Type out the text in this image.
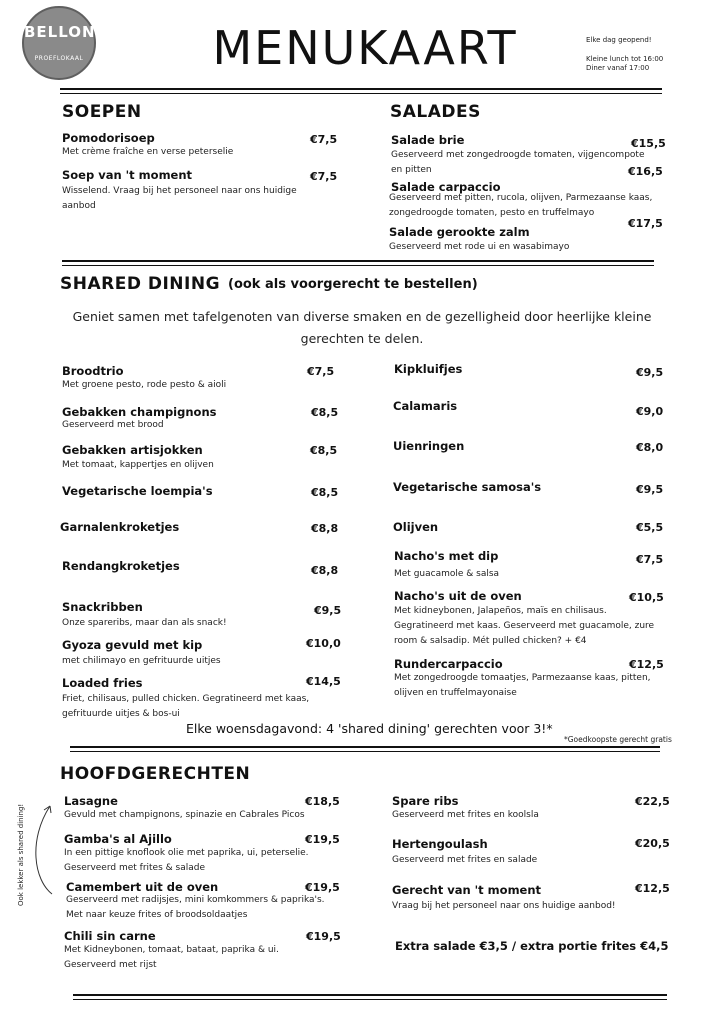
BELLONS
PROEFLOKAAL	MENUKAART	Elke dag geopend!
Kleine lunch tot 16:00
Diner vanaf 17:00
SOEPEN
Pomodorisoep	€7,5
Met crème fraîche en verse peterselie
Soep van 't moment	€7,5
Wisselend. Vraag bij het personeel naar ons huidige aanbod
SALADES
Salade brie	€15,5
Geserveerd met zongedroogde tomaten, vijgencompote en pitten
Salade carpaccio
€16,5
Geserveerd met pitten, rucola, olijven, Parmezaanse kaas, zongedroogde tomaten, pesto en truffelmayo
Salade gerookte zalm
€17,5
Geserveerd met rode ui en wasabimayo
SHARED DINING (ook als voorgerecht te bestellen)
Geniet samen met tafelgenoten van diverse smaken en de gezelligheid door heerlijke kleine gerechten te delen.
Broodtrio	€7,5
Met groene pesto, rode pesto & aioli
Gebakken champignons	€8,5
Geserveerd met brood
Gebakken artisjokken	€8,5
Met tomaat, kappertjes en olijven
Vegetarische loempia's	€8,5
Garnalenkroketjes	€8,8
Rendangkroketjes	€8,8
Snackribben	€9,5
Onze spareribs, maar dan als snack!
Gyoza gevuld met kip	€10,0
met chilimayo en gefrituurde uitjes
Loaded fries	€14,5
Friet, chilisaus, pulled chicken. Gegratineerd met kaas, gefrituurde uitjes & bos-ui
Kipkluifjes	€9,5
Calamaris	€9,0
Uienringen	€8,0
Vegetarische samosa's	€9,5
Olijven	€5,5
Nacho's met dip	€7,5
Met guacamole & salsa
Nacho's uit de oven	€10,5
Met kidneybonen, Jalapeños, maïs en chilisaus. Gegratineerd met kaas. Geserveerd met guacamole, zure room & salsadip. Mét pulled chicken? + €4
Rundercarpaccio	€12,5
Met zongedroogde tomaatjes, Parmezaanse kaas, pitten, olijven en truffelmayonaise
Elke woensdagavond: 4 'shared dining' gerechten voor 3!*
*Goedkoopste gerecht gratis
HOOFDGERECHTEN
Ook lekker als shared dining!
Lasagne	€18,5
Gevuld met champignons, spinazie en Cabrales Picos
Gamba's al Ajillo	€19,5
In een pittige knoflook olie met paprika, ui, peterselie. Geserveerd met frites & salade
Camembert uit de oven	€19,5
Geserveerd met radijsjes, mini komkommers & paprika's. Met naar keuze frites of broodsoldaatjes
Chili sin carne	€19,5
Met Kidneybonen, tomaat, bataat, paprika & ui. Geserveerd met rijst
Spare ribs	€22,5
Geserveerd met frites en koolsla
Hertengoulash	€20,5
Geserveerd met frites en salade
Gerecht van 't moment	€12,5
Vraag bij het personeel naar ons huidige aanbod!
Extra salade €3,5 / extra portie frites €4,5
